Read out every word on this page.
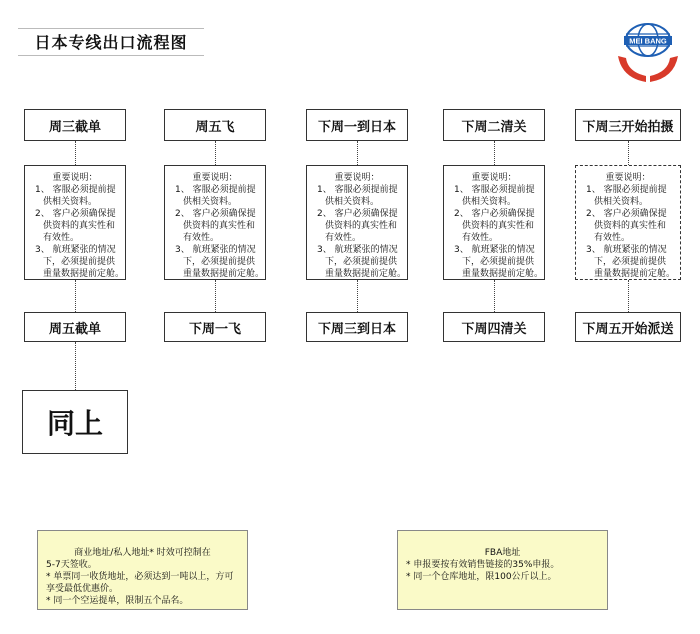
日本专线出口流程图	MEI BANG
周三截单
重要说明：
1、 客服必须提前提
供相关资料。
2、 客户必须确保提
供资料的真实性和
有效性。
3、 航班紧张的情况
下，必须提前提供
重量数据提前定舱。
周五截单
周五飞
重要说明：
1、 客服必须提前提
供相关资料。
2、 客户必须确保提
供资料的真实性和
有效性。
3、 航班紧张的情况
下，必须提前提供
重量数据提前定舱。
下周一飞
下周一到日本
重要说明：
1、 客服必须提前提
供相关资料。
2、 客户必须确保提
供资料的真实性和
有效性。
3、 航班紧张的情况
下，必须提前提供
重量数据提前定舱。
下周三到日本
下周二清关
重要说明：
1、 客服必须提前提
供相关资料。
2、 客户必须确保提
供资料的真实性和
有效性。
3、 航班紧张的情况
下，必须提前提供
重量数据提前定舱。
下周四清关
下周三开始拍摄
重要说明：
1、 客服必须提前提
供相关资料。
2、 客户必须确保提
供资料的真实性和
有效性。
3、 航班紧张的情况
下，必须提前提供
重量数据提前定舱。
下周五开始派送
同上
商业地址/私人地址* 时效可控制在
5-7天签收。
* 单票同一收货地址，必须达到一吨以上，方可
享受最低优惠价。
* 同一个空运提单，限制五个品名。
FBA地址
* 申报要按有效销售链接的35%申报。
* 同一个仓库地址，限100公斤以上。
